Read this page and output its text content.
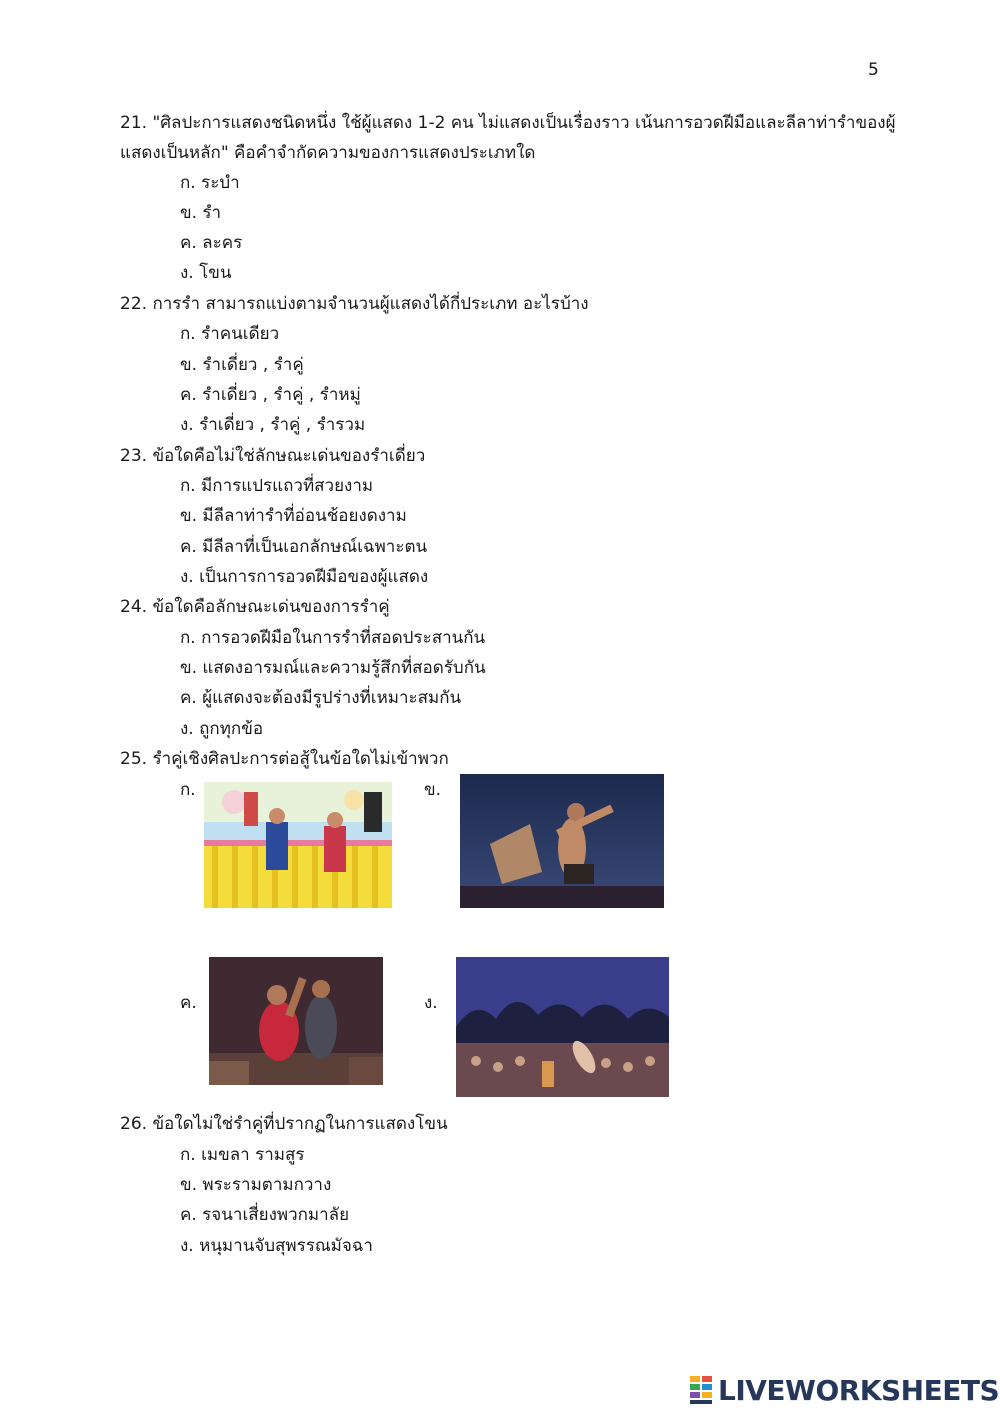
5
21. "ศิลปะการแสดงชนิดหนึ่ง ใช้ผู้แสดง 1-2 คน ไม่แสดงเป็นเรื่องราว เน้นการอวดฝีมือและลีลาท่ารำของผู้
แสดงเป็นหลัก" คือคำจำกัดความของการแสดงประเภทใด
ก. ระบำ
ข. รำ
ค. ละคร
ง. โขน
22. การรำ สามารถแบ่งตามจำนวนผู้แสดงได้กี่ประเภท อะไรบ้าง
ก. รำคนเดียว
ข. รำเดี่ยว , รำคู่
ค. รำเดี่ยว , รำคู่ , รำหมู่
ง. รำเดี่ยว , รำคู่ , รำรวม
23. ข้อใดคือไม่ใช่ลักษณะเด่นของรำเดี่ยว
ก. มีการแปรแถวที่สวยงาม
ข. มีลีลาท่ารำที่อ่อนช้อยงดงาม
ค. มีลีลาที่เป็นเอกลักษณ์เฉพาะตน
ง. เป็นการการอวดฝีมือของผู้แสดง
24. ข้อใดคือลักษณะเด่นของการรำคู่
ก. การอวดฝีมือในการรำที่สอดประสานกัน
ข. แสดงอารมณ์และความรู้สึกที่สอดรับกัน
ค. ผู้แสดงจะต้องมีรูปร่างที่เหมาะสมกัน
ง. ถูกทุกข้อ
25. รำคู่เชิงศิลปะการต่อสู้ในข้อใดไม่เข้าพวก
ก.	ข.
ค.	ง.
26. ข้อใดไม่ใช่รำคู่ที่ปรากฏในการแสดงโขน
ก. เมขลา รามสูร
ข. พระรามตามกวาง
ค. รจนาเสี่ยงพวกมาลัย
ง. หนุมานจับสุพรรณมัจฉา
LIVEWORKSHEETS
